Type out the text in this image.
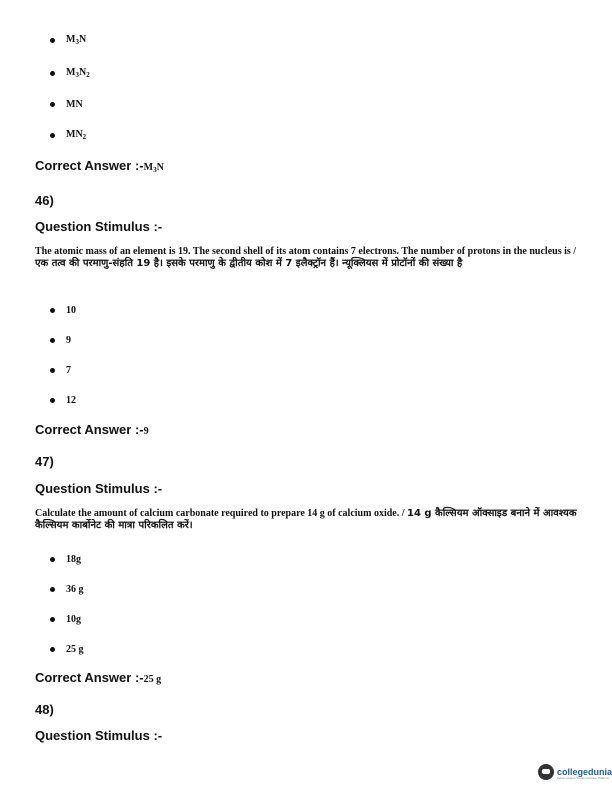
$M_3N$
$M_3N_2$
MN
$MN_2$
Correct Answer $:-M_3N$
46)
Question Stimulus :-
The atomic mass of an element is 19. The second shell of its atom contains 7 electrons. The number of protons in the nucleus is / एक तत्व की परमाणु-संहति 19 है। इसके परमाणु के द्वीतीय कोश में 7 इलैक्ट्रॉन हैं। न्यूक्लियस में प्रोटॉनों की संख्या है
10
9
7
12
Correct Answer :-9
47)
Question Stimulus :-
Calculate the amount of calcium carbonate required to prepare 14 g of calcium oxide. / 14 g कैल्सियम ऑक्साइड बनाने में आवश्यक कैल्सियम कार्बोनेट की मात्रा परिकलित करें।
18g
36 g
10g
25 g
Correct Answer :-25 g
48)
Question Stimulus :-
collegedunia
India's largest Student Review Platform
